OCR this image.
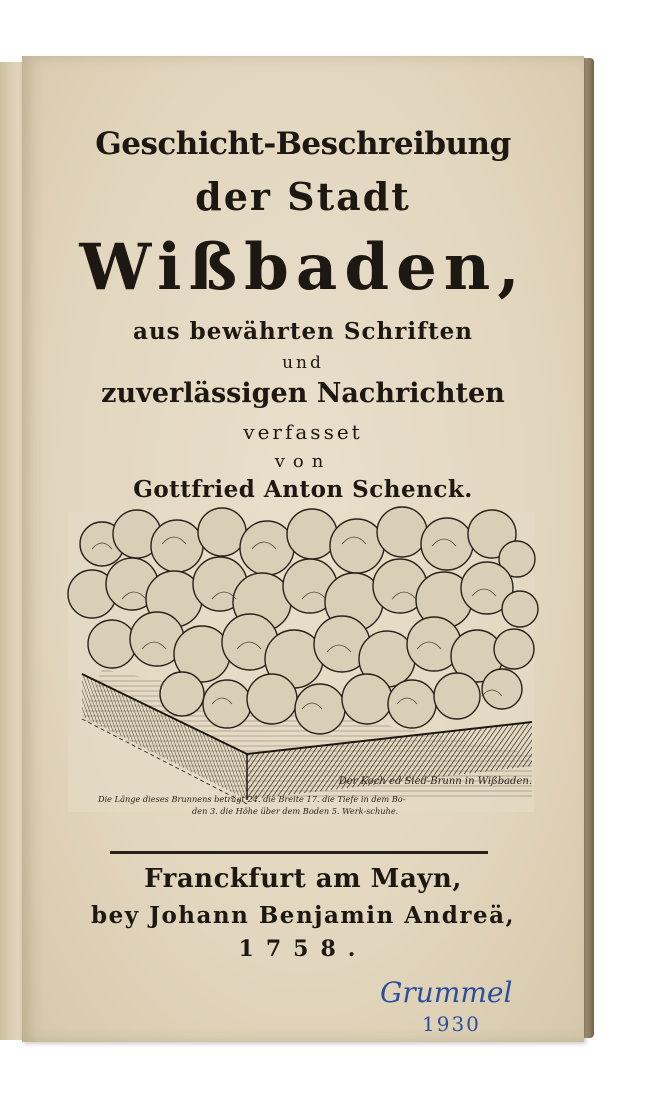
Geschicht-Beschreibung
der Stadt
Wißbaden,
aus bewährten Schriften
und
zuverlässigen Nachrichten
verfasset
von
Gottfried Anton Schenck.
Der Koch ed Sied-Brunn in Wißbaden.
Die Länge dieses Brunnens beträgt 24. die Breite 17. die Tiefe in dem Bo-
den 3. die Höhe über dem Boden 5. Werk-schuhe.
Franckfurt am Mayn,
bey Johann Benjamin Andreä,
1758.
Grummel
1930
